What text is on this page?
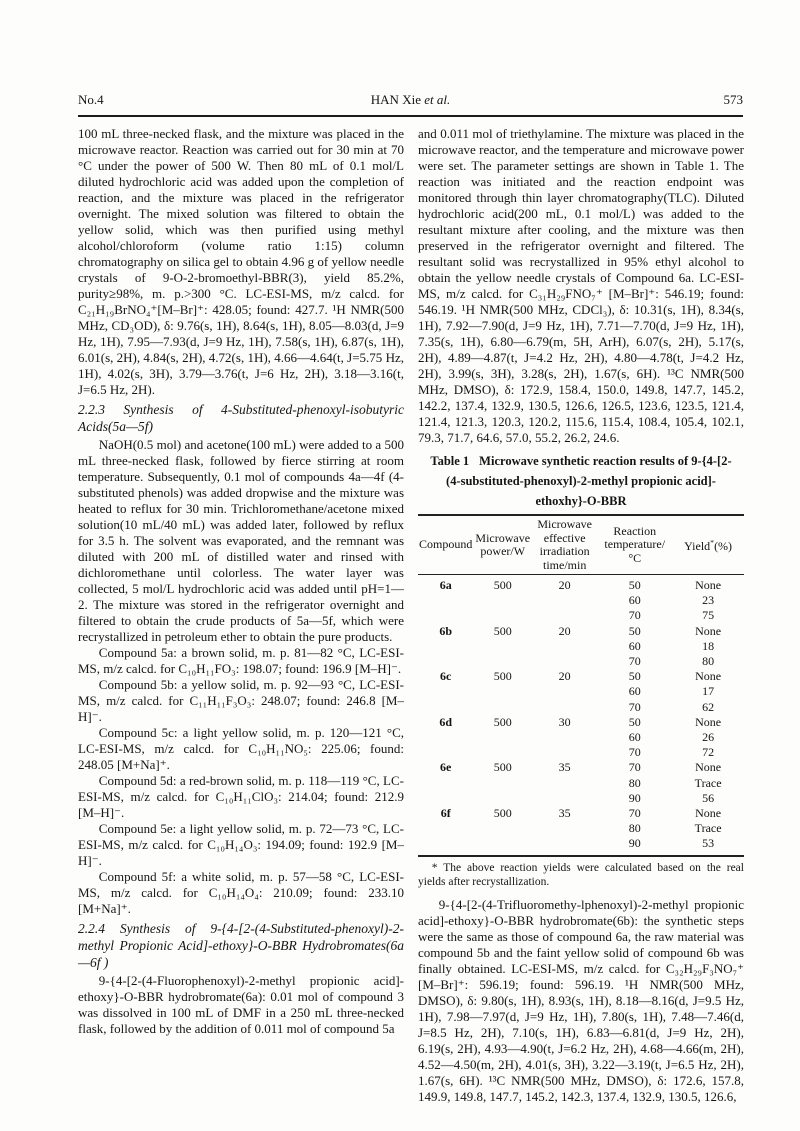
No.4	HAN Xie et al.	573

100 mL three-necked flask, and the mixture was placed in the microwave reactor. Reaction was carried out for 30 min at 70 °C under the power of 500 W. Then 80 mL of 0.1 mol/L diluted hydrochloric acid was added upon the completion of reaction, and the mixture was placed in the refrigerator overnight. The mixed solution was filtered to obtain the yellow solid, which was then purified using methyl alcohol/chloroform (volume ratio 1:15) column chromatography on silica gel to obtain 4.96 g of yellow needle crystals of 9-O-2-bromoethyl-BBR(3), yield 85.2%, purity≥98%, m. p.>300 °C. LC-ESI-MS, m/z calcd. for C₂₁H₁₉BrNO₄⁺[M–Br]⁺: 428.05; found: 427.7. ¹H NMR(500 MHz, CD₃OD), δ: 9.76(s, 1H), 8.64(s, 1H), 8.05—8.03(d, J=9 Hz, 1H), 7.95—7.93(d, J=9 Hz, 1H), 7.58(s, 1H), 6.87(s, 1H), 6.01(s, 2H), 4.84(s, 2H), 4.72(s, 1H), 4.66—4.64(t, J=5.75 Hz, 1H), 4.02(s, 3H), 3.79—3.76(t, J=6 Hz, 2H), 3.18—3.16(t, J=6.5 Hz, 2H).

2.2.3 Synthesis of 4-Substituted-phenoxyl-isobutyric Acids(5a—5f)

NaOH(0.5 mol) and acetone(100 mL) were added to a 500 mL three-necked flask, followed by fierce stirring at room temperature. Subsequently, 0.1 mol of compounds 4a—4f (4-substituted phenols) was added dropwise and the mixture was heated to reflux for 30 min. Trichloromethane/acetone mixed solution(10 mL/40 mL) was added later, followed by reflux for 3.5 h. The solvent was evaporated, and the remnant was diluted with 200 mL of distilled water and rinsed with dichloromethane until colorless. The water layer was collected, 5 mol/L hydrochloric acid was added until pH=1—2. The mixture was stored in the refrigerator overnight and filtered to obtain the crude products of 5a—5f, which were recrystallized in petroleum ether to obtain the pure products.

Compound 5a: a brown solid, m. p. 81—82 °C, LC-ESI-MS, m/z calcd. for C₁₀H₁₁FO₃: 198.07; found: 196.9 [M–H]⁻.

Compound 5b: a yellow solid, m. p. 92—93 °C, LC-ESI-MS, m/z calcd. for C₁₁H₁₁F₃O₃: 248.07; found: 246.8 [M–H]⁻.

Compound 5c: a light yellow solid, m. p. 120—121 °C, LC-ESI-MS, m/z calcd. for C₁₀H₁₁NO₅: 225.06; found: 248.05 [M+Na]⁺.

Compound 5d: a red-brown solid, m. p. 118—119 °C, LC-ESI-MS, m/z calcd. for C₁₀H₁₁ClO₃: 214.04; found: 212.9 [M–H]⁻.

Compound 5e: a light yellow solid, m. p. 72—73 °C, LC-ESI-MS, m/z calcd. for C₁₀H₁₄O₃: 194.09; found: 192.9 [M–H]⁻.

Compound 5f: a white solid, m. p. 57—58 °C, LC-ESI-MS, m/z calcd. for C₁₀H₁₄O₄: 210.09; found: 233.10 [M+Na]⁺.

2.2.4 Synthesis of 9-{4-[2-(4-Substituted-phenoxyl)-2-methyl Propionic Acid]-ethoxy}-O-BBR Hydrobromates(6a—6f )

9-{4-[2-(4-Fluorophenoxyl)-2-methyl propionic acid]-ethoxy}-O-BBR hydrobromate(6a): 0.01 mol of compound 3 was dissolved in 100 mL of DMF in a 250 mL three-necked flask, followed by the addition of 0.011 mol of compound 5a

and 0.011 mol of triethylamine. The mixture was placed in the microwave reactor, and the temperature and microwave power were set. The parameter settings are shown in Table 1. The reaction was initiated and the reaction endpoint was monitored through thin layer chromatography(TLC). Diluted hydrochloric acid(200 mL, 0.1 mol/L) was added to the resultant mixture after cooling, and the mixture was then preserved in the refrigerator overnight and filtered. The resultant solid was recrystallized in 95% ethyl alcohol to obtain the yellow needle crystals of Compound 6a. LC-ESI-MS, m/z calcd. for C₃₁H₂₉FNO₇⁺ [M–Br]⁺: 546.19; found: 546.19. ¹H NMR(500 MHz, CDCl₃), δ: 10.31(s, 1H), 8.34(s, 1H), 7.92—7.90(d, J=9 Hz, 1H), 7.71—7.70(d, J=9 Hz, 1H), 7.35(s, 1H), 6.80—6.79(m, 5H, ArH), 6.07(s, 2H), 5.17(s, 2H), 4.89—4.87(t, J=4.2 Hz, 2H), 4.80—4.78(t, J=4.2 Hz, 2H), 3.99(s, 3H), 3.28(s, 2H), 1.67(s, 6H). ¹³C NMR(500 MHz, DMSO), δ: 172.9, 158.4, 150.0, 149.8, 147.7, 145.2, 142.2, 137.4, 132.9, 130.5, 126.6, 126.5, 123.6, 123.5, 121.4, 121.4, 121.3, 120.3, 120.2, 115.6, 115.4, 108.4, 105.4, 102.1, 79.3, 71.7, 64.6, 57.0, 55.2, 26.2, 24.6.

Table 1 Microwave synthetic reaction results of 9-{4-[2-(4-substituted-phenoxyl)-2-methyl propionic acid]-ethoxhy}-O-BBR
Compound	Microwave power/W	Microwave effective irradiation time/min	Reaction temperature/°C	Yield*(%)
6a	500	20	50	None
			60	23
			70	75
6b	500	20	50	None
			60	18
			70	80
6c	500	20	50	None
			60	17
			70	62
6d	500	30	50	None
			60	26
			70	72
6e	500	35	70	None
			80	Trace
			90	56
6f	500	35	70	None
			80	Trace
			90	53
* The above reaction yields were calculated based on the real yields after recrystallization.

9-{4-[2-(4-Trifluoromethy-lphenoxyl)-2-methyl propionic acid]-ethoxy}-O-BBR hydrobromate(6b): the synthetic steps were the same as those of compound 6a, the raw material was compound 5b and the faint yellow solid of compound 6b was finally obtained. LC-ESI-MS, m/z calcd. for C₃₂H₂₉F₃NO₇⁺ [M–Br]⁺: 596.19; found: 596.19. ¹H NMR(500 MHz, DMSO), δ: 9.80(s, 1H), 8.93(s, 1H), 8.18—8.16(d, J=9.5 Hz, 1H), 7.98—7.97(d, J=9 Hz, 1H), 7.80(s, 1H), 7.48—7.46(d, J=8.5 Hz, 2H), 7.10(s, 1H), 6.83—6.81(d, J=9 Hz, 2H), 6.19(s, 2H), 4.93—4.90(t, J=6.2 Hz, 2H), 4.68—4.66(m, 2H), 4.52—4.50(m, 2H), 4.01(s, 3H), 3.22—3.19(t, J=6.5 Hz, 2H), 1.67(s, 6H). ¹³C NMR(500 MHz, DMSO), δ: 172.6, 157.8, 149.9, 149.8, 147.7, 145.2, 142.3, 137.4, 132.9, 130.5, 126.6,
